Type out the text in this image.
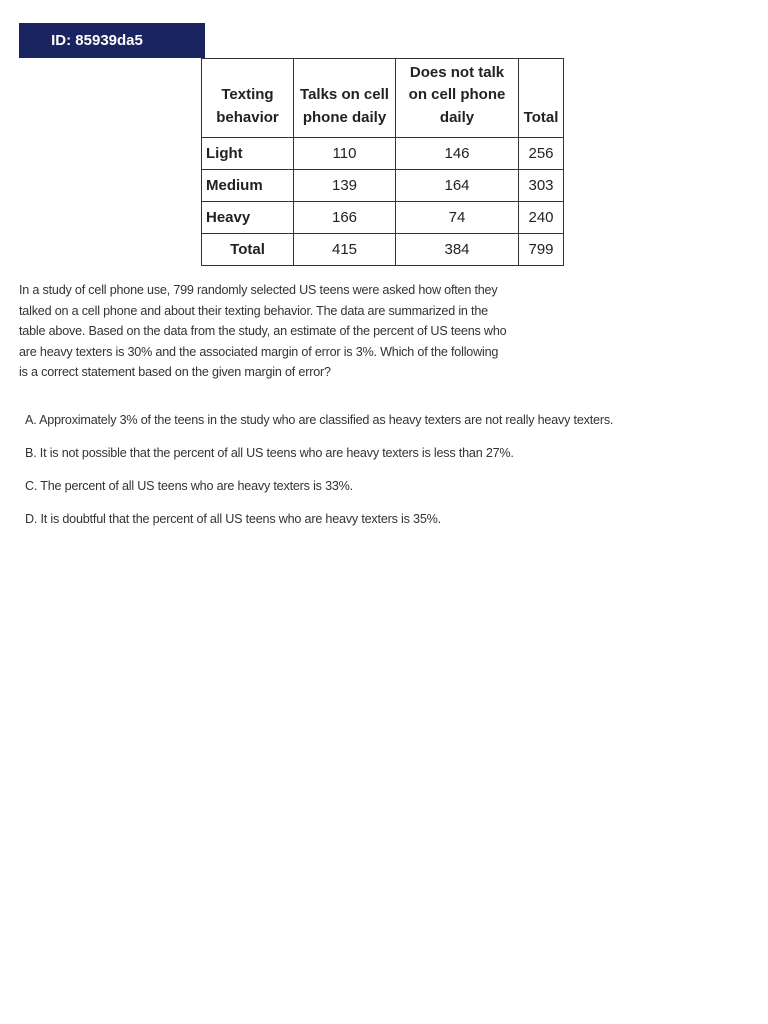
ID: 85939da5
Texting behavior	Talks on cell phone daily	Does not talk on cell phone daily	Total
Light	110	146	256
Medium	139	164	303
Heavy	166	74	240
Total	415	384	799
In a study of cell phone use, 799 randomly selected US teens were asked how often they talked on a cell phone and about their texting behavior. The data are summarized in the table above. Based on the data from the study, an estimate of the percent of US teens who are heavy texters is 30% and the associated margin of error is 3%. Which of the following is a correct statement based on the given margin of error?
A. Approximately 3% of the teens in the study who are classified as heavy texters are not really heavy texters.
B. It is not possible that the percent of all US teens who are heavy texters is less than 27%.
C. The percent of all US teens who are heavy texters is 33%.
D. It is doubtful that the percent of all US teens who are heavy texters is 35%.
